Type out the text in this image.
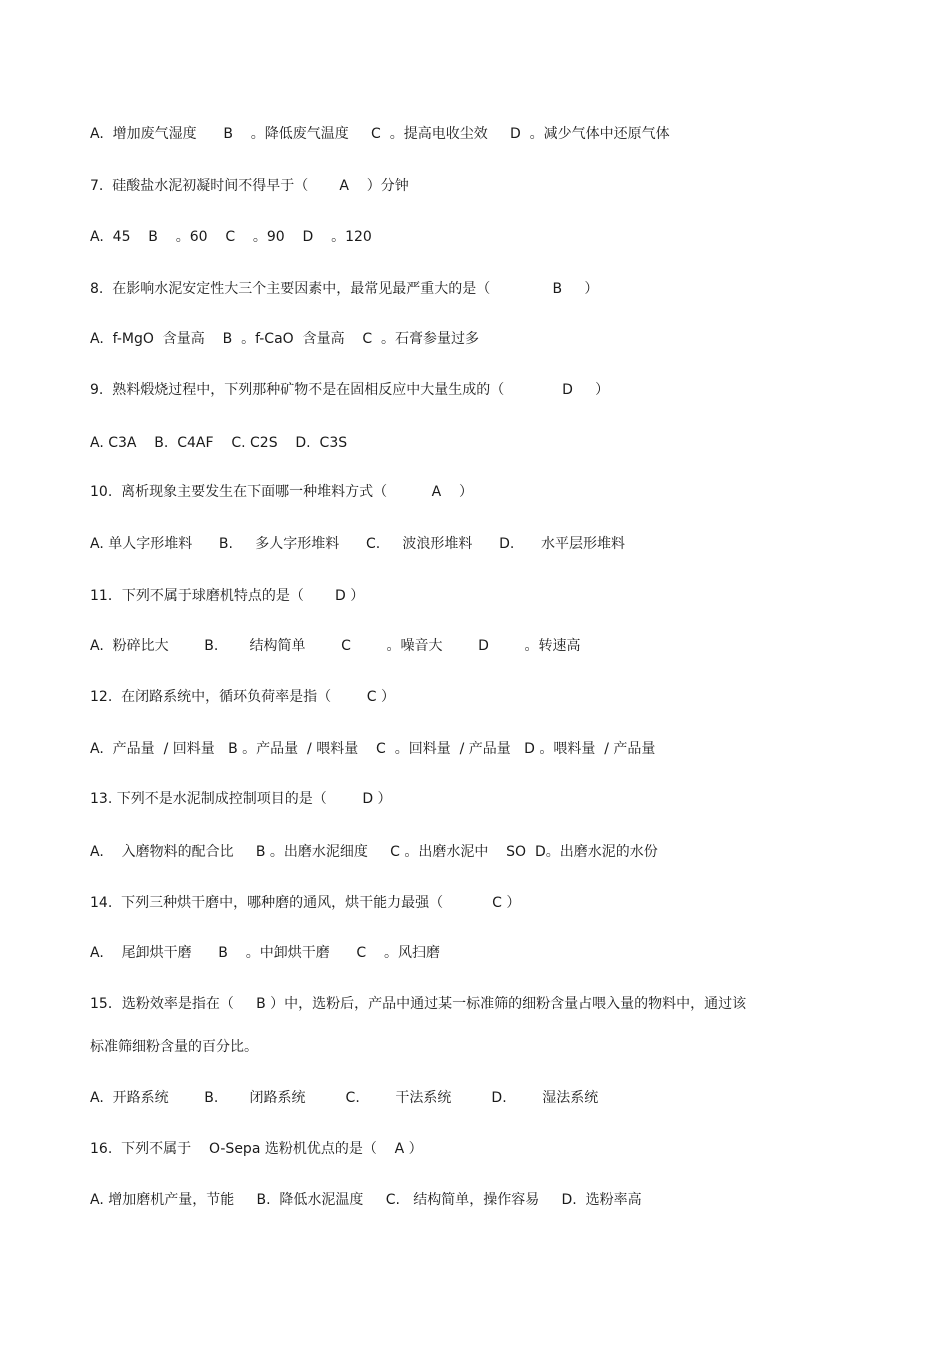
A.  增加废气湿度      B    。降低废气温度     C  。提高电收尘效     D  。减少气体中还原气体
7.  硅酸盐水泥初凝时间不得早于（       A    ）分钟
A.  45    B    。60    C    。90    D    。120
8.  在影响水泥安定性大三个主要因素中，最常见最严重大的是（              B     ）
A.  f-MgO  含量高    B  。f-CaO  含量高    C  。石膏参量过多
9.  熟料煅烧过程中，下列那种矿物不是在固相反应中大量生成的（             D     ）
A. C3A    B.  C4AF    C. C2S    D.  C3S
10.  离析现象主要发生在下面哪一种堆料方式（          A    ）
A. 单人字形堆料      B.     多人字形堆料      C.     波浪形堆料      D.      水平层形堆料
11．下列不属于球磨机特点的是（       D ）
A.  粉碎比大        B.       结构简单        C        。噪音大        D        。转速高
12.  在闭路系统中，循环负荷率是指（        C ）
A.  产品量  / 回料量   B 。产品量  / 喂料量    C  。回料量  / 产品量   D 。喂料量  / 产品量
13. 下列不是水泥制成控制项目的是（        D ）
A.    入磨物料的配合比     B 。出磨水泥细度     C 。出磨水泥中    SO  D。出磨水泥的水份
14.  下列三种烘干磨中，哪种磨的通风，烘干能力最强（           C ）
A.    尾卸烘干磨      B    。中卸烘干磨      C    。风扫磨
15．选粉效率是指在（     B ）中，选粉后，产品中通过某一标准筛的细粉含量占喂入量的物料中，通过该
标准筛细粉含量的百分比。
A.  开路系统        B.       闭路系统         C.        干法系统         D.        湿法系统
16.  下列不属于    O-Sepa 选粉机优点的是（    A ）
A. 增加磨机产量，节能     B.  降低水泥温度     C.   结构简单，操作容易     D.  选粉率高
